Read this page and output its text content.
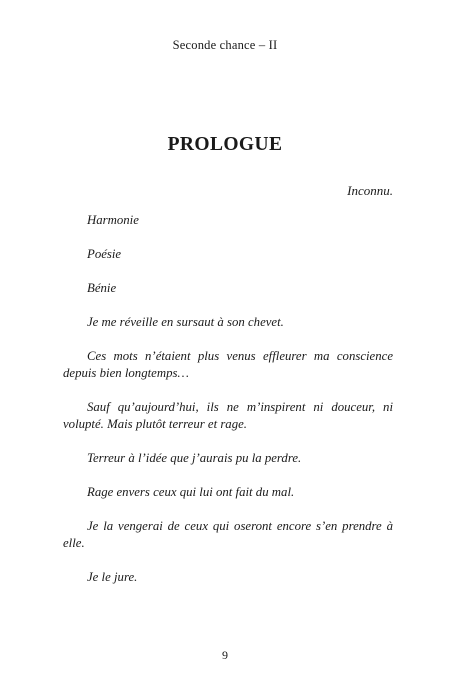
Seconde chance – II
PROLOGUE
Inconnu.

Harmonie

Poésie

Bénie

Je me réveille en sursaut à son chevet.

Ces mots n’étaient plus venus effleurer ma conscience depuis bien longtemps…

Sauf qu’aujourd’hui, ils ne m’inspirent ni douceur, ni volupté. Mais plutôt terreur et rage.

Terreur à l’idée que j’aurais pu la perdre.

Rage envers ceux qui lui ont fait du mal.

Je la vengerai de ceux qui oseront encore s’en prendre à elle.

Je le jure.

9
